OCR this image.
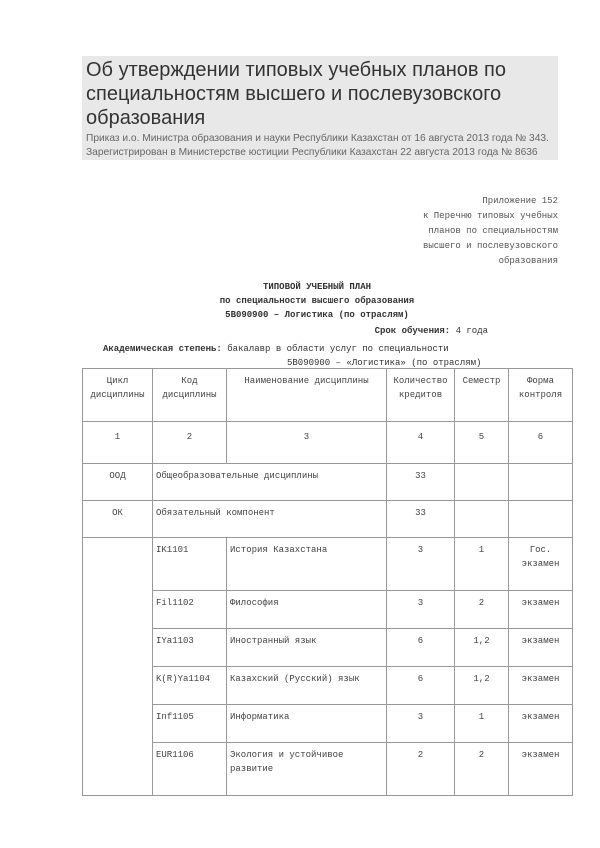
Об утверждении типовых учебных планов по специальностям высшего и послевузовского образования
Приказ и.о. Министра образования и науки Республики Казахстан от 16 августа 2013 года № 343. Зарегистрирован в Министерстве юстиции Республики Казахстан 22 августа 2013 года № 8636
Приложение 152
к Перечню типовых учебных
планов по специальностям
высшего и послевузовского
образования
ТИПОВОЙ УЧЕБНЫЙ ПЛАН
по специальности высшего образования
5В090900 – Логистика (по отраслям)
Срок обучения: 4 года
Академическая степень: бакалавр в области услуг по специальности
5В090900 – «Логистика» (по отраслям)
Цикл дисциплины	Код дисциплины	Наименование дисциплины	Количество кредитов	Семестр	Форма контроля
1	2	3	4	5	6
ООД	Общеобразовательные дисциплины		33		
ОК	Обязательный компонент		33		
	IK1101	История Казахстана	3	1	Гос. экзамен
	Fil1102	Философия	3	2	экзамен
	IYa1103	Иностранный язык	6	1,2	экзамен
	K(R)Ya1104	Казахский (Русский) язык	6	1,2	экзамен
	Inf1105	Информатика	3	1	экзамен
	EUR1106	Экология и устойчивое развитие	2	2	экзамен
